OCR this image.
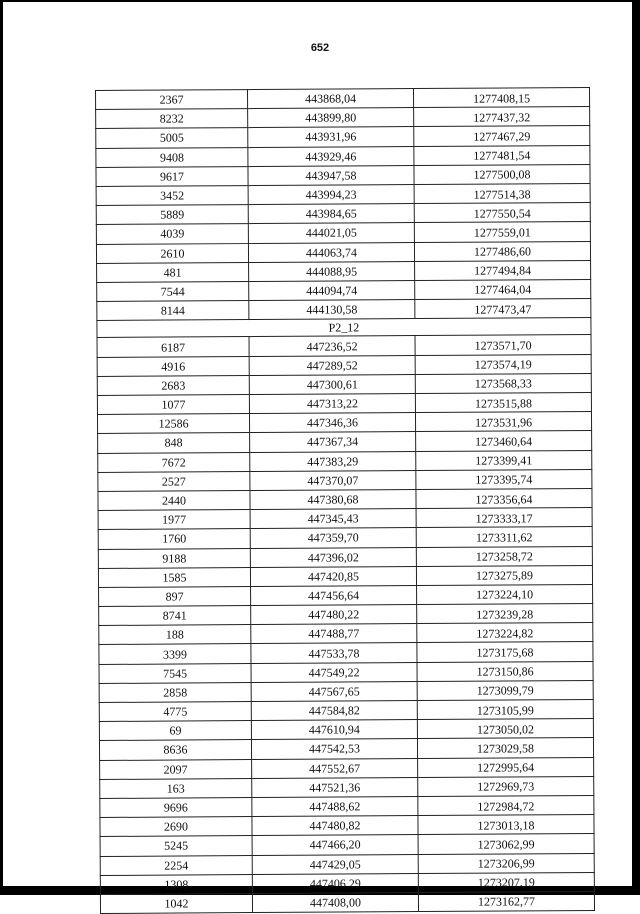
652
2367	443868,04	1277408,15
8232	443899,80	1277437,32
5005	443931,96	1277467,29
9408	443929,46	1277481,54
9617	443947,58	1277500,08
3452	443994,23	1277514,38
5889	443984,65	1277550,54
4039	444021,05	1277559,01
2610	444063,74	1277486,60
481	444088,95	1277494,84
7544	444094,74	1277464,04
8144	444130,58	1277473,47
P2_12		
6187	447236,52	1273571,70
4916	447289,52	1273574,19
2683	447300,61	1273568,33
1077	447313,22	1273515,88
12586	447346,36	1273531,96
848	447367,34	1273460,64
7672	447383,29	1273399,41
2527	447370,07	1273395,74
2440	447380,68	1273356,64
1977	447345,43	1273333,17
1760	447359,70	1273311,62
9188	447396,02	1273258,72
1585	447420,85	1273275,89
897	447456,64	1273224,10
8741	447480,22	1273239,28
188	447488,77	1273224,82
3399	447533,78	1273175,68
7545	447549,22	1273150,86
2858	447567,65	1273099,79
4775	447584,82	1273105,99
69	447610,94	1273050,02
8636	447542,53	1273029,58
2097	447552,67	1272995,64
163	447521,36	1272969,73
9696	447488,62	1272984,72
2690	447480,82	1273013,18
5245	447466,20	1273062,99
2254	447429,05	1273206,99
1308	447406,29	1273207,19
1042	447408,00	1273162,77
